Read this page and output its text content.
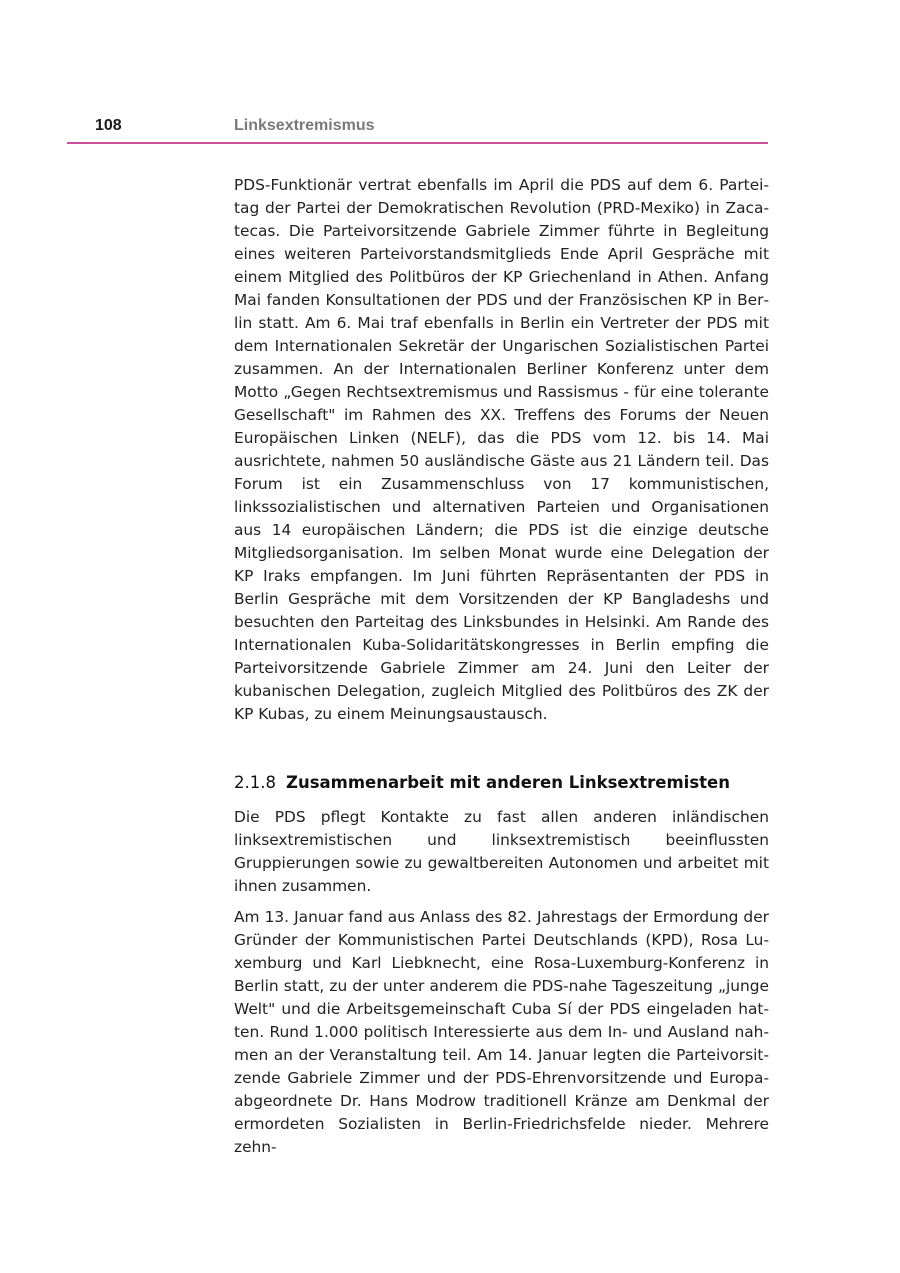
108	Linksextremismus

PDS-Funktionär vertrat ebenfalls im April die PDS auf dem 6. Parteitag der Partei der Demokratischen Revolution (PRD-Mexiko) in Zacatecas. Die Parteivorsitzende Gabriele Zimmer führte in Begleitung eines weiteren Parteivorstandsmitglieds Ende April Gespräche mit einem Mitglied des Politbüros der KP Griechenland in Athen. Anfang Mai fanden Konsultationen der PDS und der Französischen KP in Berlin statt. Am 6. Mai traf ebenfalls in Berlin ein Vertreter der PDS mit dem Internationalen Sekretär der Ungarischen Sozialistischen Partei zusammen. An der Internationalen Berliner Konferenz unter dem Motto „Gegen Rechtsextremismus und Rassismus - für eine tolerante Gesellschaft" im Rahmen des XX. Treffens des Forums der Neuen Europäischen Linken (NELF), das die PDS vom 12. bis 14. Mai ausrichtete, nahmen 50 ausländische Gäste aus 21 Ländern teil. Das Forum ist ein Zusammenschluss von 17 kommunistischen, linkssozialistischen und alternativen Parteien und Organisationen aus 14 europäischen Ländern; die PDS ist die einzige deutsche Mitgliedsorganisation. Im selben Monat wurde eine Delegation der KP Iraks empfangen. Im Juni führten Repräsentanten der PDS in Berlin Gespräche mit dem Vorsitzenden der KP Bangladeshs und besuchten den Parteitag des Linksbundes in Helsinki. Am Rande des Internationalen Kuba-Solidaritätskongresses in Berlin empfing die Parteivorsitzende Gabriele Zimmer am 24. Juni den Leiter der kubanischen Delegation, zugleich Mitglied des Politbüros des ZK der KP Kubas, zu einem Meinungsaustausch.

2.1.8 Zusammenarbeit mit anderen Linksextremisten

Die PDS pflegt Kontakte zu fast allen anderen inländischen linksextremistischen und linksextremistisch beeinflussten Gruppierungen sowie zu gewaltbereiten Autonomen und arbeitet mit ihnen zusammen.

Am 13. Januar fand aus Anlass des 82. Jahrestags der Ermordung der Gründer der Kommunistischen Partei Deutschlands (KPD), Rosa Luxemburg und Karl Liebknecht, eine Rosa-Luxemburg-Konferenz in Berlin statt, zu der unter anderem die PDS-nahe Tageszeitung „junge Welt" und die Arbeitsgemeinschaft Cuba Sí der PDS eingeladen hatten. Rund 1.000 politisch Interessierte aus dem In- und Ausland nahmen an der Veranstaltung teil. Am 14. Januar legten die Parteivorsitzende Gabriele Zimmer und der PDS-Ehrenvorsitzende und Europaabgeordnete Dr. Hans Modrow traditionell Kränze am Denkmal der ermordeten Sozialisten in Berlin-Friedrichsfelde nieder. Mehrere zehn-
